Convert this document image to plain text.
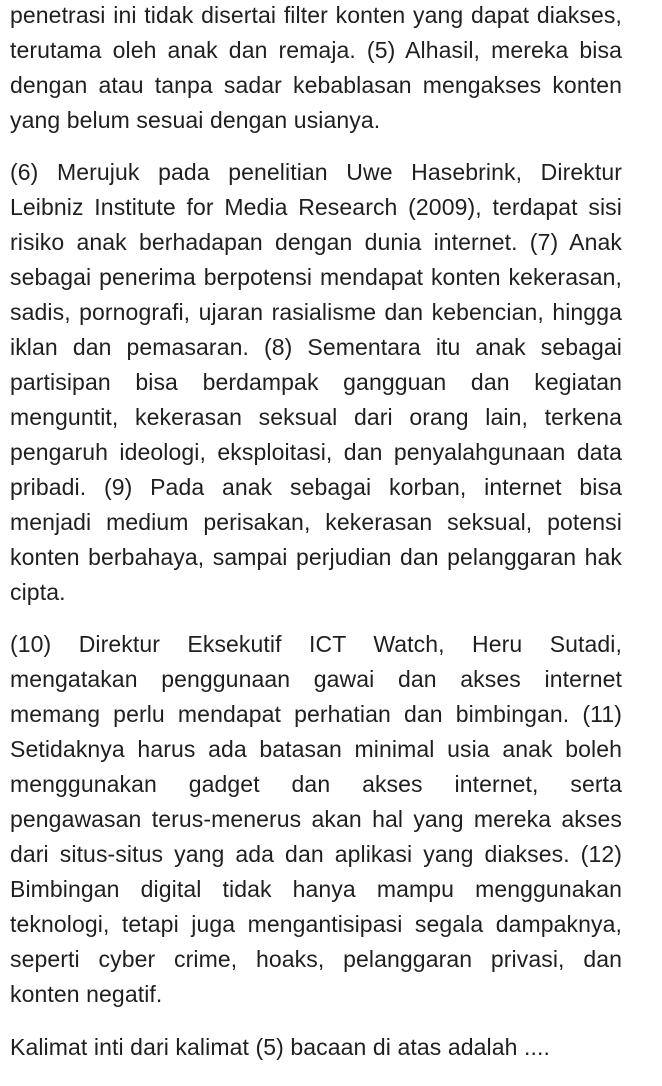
penetrasi ini tidak disertai filter konten yang dapat diakses, terutama oleh anak dan remaja. (5) Alhasil, mereka bisa dengan atau tanpa sadar kebablasan mengakses konten yang belum sesuai dengan usianya.

(6) Merujuk pada penelitian Uwe Hasebrink, Direktur Leibniz Institute for Media Research (2009), terdapat sisi risiko anak berhadapan dengan dunia internet. (7) Anak sebagai penerima berpotensi mendapat konten kekerasan, sadis, pornografi, ujaran rasialisme dan kebencian, hingga iklan dan pemasaran. (8) Sementara itu anak sebagai partisipan bisa berdampak gangguan dan kegiatan menguntit, kekerasan seksual dari orang lain, terkena pengaruh ideologi, eksploitasi, dan penyalahgunaan data pribadi. (9) Pada anak sebagai korban, internet bisa menjadi medium perisakan, kekerasan seksual, potensi konten berbahaya, sampai perjudian dan pelanggaran hak cipta.

(10) Direktur Eksekutif ICT Watch, Heru Sutadi, mengatakan penggunaan gawai dan akses internet memang perlu mendapat perhatian dan bimbingan. (11) Setidaknya harus ada batasan minimal usia anak boleh menggunakan gadget dan akses internet, serta pengawasan terus-menerus akan hal yang mereka akses dari situs-situs yang ada dan aplikasi yang diakses. (12) Bimbingan digital tidak hanya mampu menggunakan teknologi, tetapi juga mengantisipasi segala dampaknya, seperti cyber crime, hoaks, pelanggaran privasi, dan konten negatif.

Kalimat inti dari kalimat (5) bacaan di atas adalah ....
